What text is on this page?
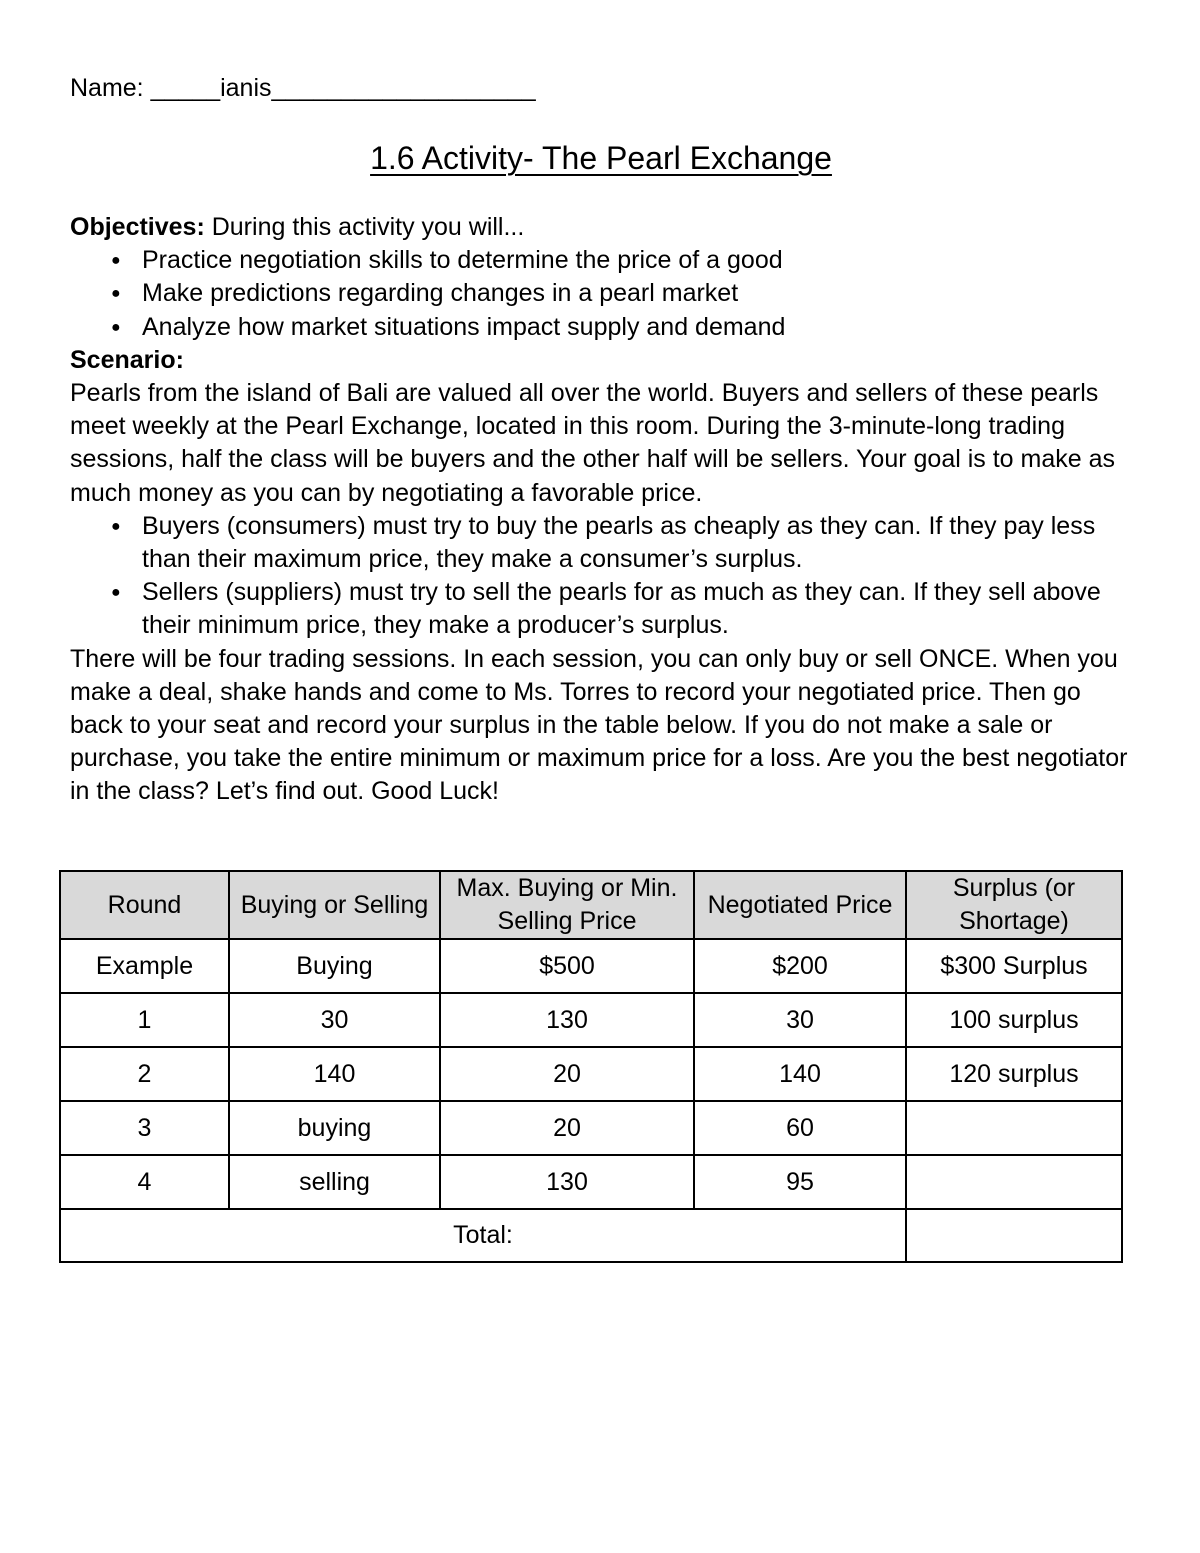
Name: _____ianis___________________
1.6 Activity- The Pearl Exchange

Objectives: During this activity you will...

● Practice negotiation skills to determine the price of a good
● Make predictions regarding changes in a pearl market
● Analyze how market situations impact supply and demand

Scenario:

Pearls from the island of Bali are valued all over the world. Buyers and sellers of these pearls meet weekly at the Pearl Exchange, located in this room. During the 3-minute-long trading sessions, half the class will be buyers and the other half will be sellers. Your goal is to make as much money as you can by negotiating a favorable price.

● Buyers (consumers) must try to buy the pearls as cheaply as they can. If they pay less than their maximum price, they make a consumer’s surplus.
● Sellers (suppliers) must try to sell the pearls for as much as they can. If they sell above their minimum price, they make a producer’s surplus.

There will be four trading sessions. In each session, you can only buy or sell ONCE. When you make a deal, shake hands and come to Ms. Torres to record your negotiated price. Then go back to your seat and record your surplus in the table below. If you do not make a sale or purchase, you take the entire minimum or maximum price for a loss. Are you the best negotiator in the class? Let’s find out. Good Luck!

Round	Buying or Selling	Max. Buying or Min. Selling Price	Negotiated Price	Surplus (or Shortage)
Example	Buying	$500	$200	$300 Surplus
1	30	130	30	100 surplus
2	140	20	140	120 surplus
3	buying	20	60	
4	selling	130	95	
Total:				
